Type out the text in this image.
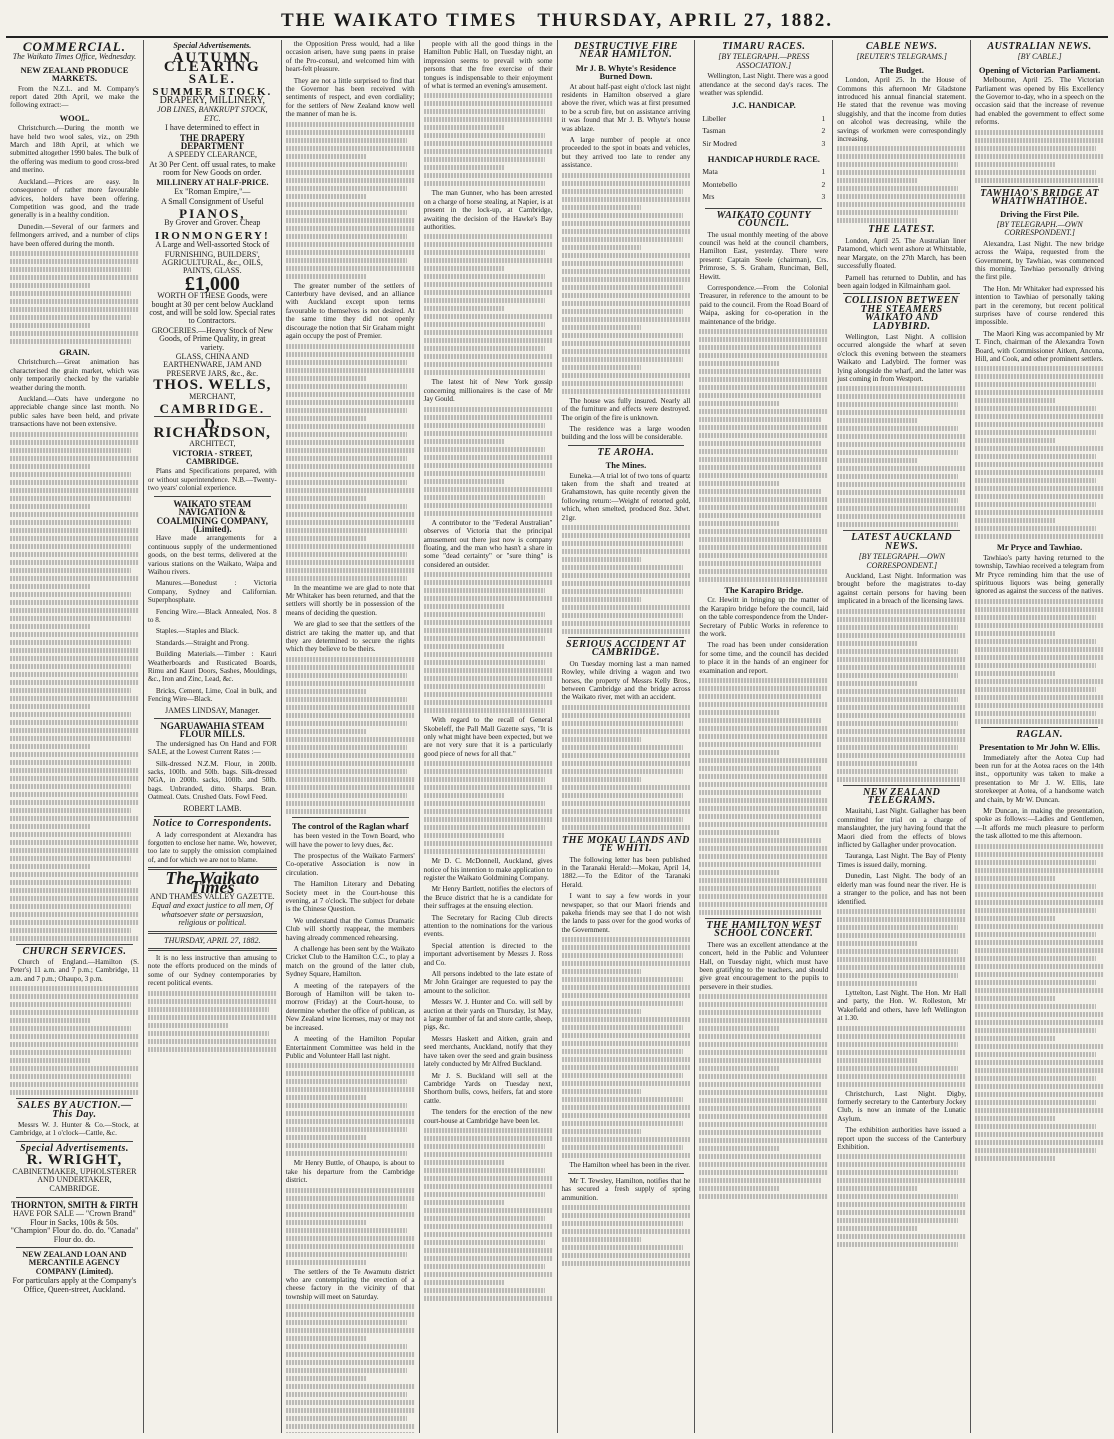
THE WAIKATO TIMES THURSDAY, APRIL 27, 1882.
COMMERCIAL.
The Waikato Times Office, Wednesday.
NEW ZEALAND PRODUCE MARKETS.

From the N.Z.L. and M. Company's report dated 20th April, we make the following extract:—

WOOL.

Christchurch.—During the month we have held two wool sales, viz., on 29th March and 18th April, at which we submitted altogether 1990 bales. The bulk of the offering was medium to good cross-bred and merino.

Auckland.—Prices are easy. In consequence of rather more favourable advices, holders have been offering. Competition was good, and the trade generally is in a healthy condition.

Dunedin.—Several of our farmers and fellmongers arrived, and a number of clips have been offered during the month.

GRAIN.

Christchurch.—Great animation has characterised the grain market, which was only temporarily checked by the variable weather during the month.

Auckland.—Oats have undergone no appreciable change since last month. No public sales have been held, and private transactions have not been extensive.

CHURCH SERVICES.

Church of England.—Hamilton (S. Peter's) 11 a.m. and 7 p.m.; Cambridge, 11 a.m. and 7 p.m.; Ohaupo, 3 p.m.

SALES BY AUCTION.—This Day.

Messrs W. J. Hunter & Co.—Stock, at Cambridge, at 1 o'clock—Cattle, &c.

Special Advertisements.
R. WRIGHT,
CABINETMAKER, UPHOLSTERER AND UNDERTAKER,
CAMBRIDGE.
THORNTON, SMITH & FIRTH
HAVE FOR SALE — "Crown Brand" Flour in Sacks, 100s & 50s. "Champion" Flour do. do. do. "Canada" Flour do. do.
NEW ZEALAND LOAN AND MERCANTILE AGENCY COMPANY (Limited).
For particulars apply at the Company's Office, Queen-street, Auckland.
Special Advertisements.
AUTUMN CLEARING
SALE.
SUMMER STOCK.
DRAPERY, MILLINERY,
JOB LINES, BANKRUPT STOCK, ETC.
I have determined to effect in
THE DRAPERY DEPARTMENT
A SPEEDY CLEARANCE,
At 30 Per Cent. off usual rates, to make room for New Goods on order.
MILLINERY AT HALF-PRICE.
Ex "Roman Empire,"—
A Small Consignment of Useful
PIANOS,
By Grover and Grover. Cheap
IRONMONGERY!
A Large and Well-assorted Stock of
FURNISHING, BUILDERS', AGRICULTURAL, &c., OILS, PAINTS, GLASS.
£1,000
WORTH OF THESE Goods, were bought at 30 per cent below Auckland cost, and will be sold low. Special rates to Contractors.
GROCERIES.—Heavy Stock of New Goods, of Prime Quality, in great variety.
GLASS, CHINA AND EARTHENWARE, JAM AND PRESERVE JARS, &c., &c.
THOS. WELLS,
MERCHANT,
CAMBRIDGE.
D. RICHARDSON,
ARCHITECT,
VICTORIA - STREET, CAMBRIDGE.

Plans and Specifications prepared, with or without superintendence. N.B.—Twenty-two years' colonial experience.

WAIKATO STEAM NAVIGATION & COALMINING COMPANY, (Limited).

Have made arrangements for a continuous supply of the undermentioned goods, on the best terms, delivered at the various stations on the Waikato, Waipa and Waihou rivers.

Manures.—Bonedust : Victoria Company, Sydney and Californian. Superphosphate.

Fencing Wire.—Black Annealed, Nos. 8 to 8.

Staples.—Staples and Black.

Standards.—Straight and Prong.

Building Materials.—Timber : Kauri Weatherboards and Rusticated Boards, Rimu and Kauri Doors, Sashes, Mouldings, &c., Iron and Zinc, Lead, &c.

Bricks, Cement, Lime, Coal in bulk, and Fencing Wire—Black.

JAMES LINDSAY, Manager.
NGARUAWAHIA STEAM FLOUR MILLS.

The undersigned has On Hand and FOR SALE, at the Lowest Current Rates :—

Silk-dressed N.Z.M. Flour, in 200lb. sacks, 100lb. and 50lb. bags. Silk-dressed NGA, in 200lb. sacks, 100lb. and 50lb. bags. Unbranded, ditto. Sharps. Bran. Oatmeal. Oats. Crushed Oats. Fowl Feed.

ROBERT LAMB.
Notice to Correspondents.

A lady correspondent at Alexandra has forgotten to enclose her name. We, however, too late to supply the omission complained of, and for which we are not to blame.

The Waikato Times
AND THAMES VALLEY GAZETTE.
Equal and exact justice to all men, Of whatsoever state or persuasion, religious or political.
THURSDAY, APRIL 27, 1882.

It is no less instructive than amusing to note the efforts produced on the minds of some of our Sydney contemporaries by recent political events.

the Opposition Press would, had a like occasion arisen, have sung paens in praise of the Pro-consul, and welcomed him with heart-felt pleasure.

They are not a little surprised to find that the Governor has been received with sentiments of respect, and even cordiality; for the settlers of New Zealand know well the manner of man he is.

The greater number of the settlers of Canterbury have devised, and an alliance with Auckland except upon terms favourable to themselves is not desired. At the same time they did not openly discourage the notion that Sir Graham might again occupy the post of Premier.

In the meantime we are glad to note that Mr Whitaker has been returned, and that the settlers will shortly be in possession of the means of deciding the question.

We are glad to see that the settlers of the district are taking the matter up, and that they are determined to secure the rights which they believe to be theirs.

The control of the Raglan wharf

has been vested in the Town Board, who will have the power to levy dues, &c.

The prospectus of the Waikato Farmers' Co-operative Association is now in circulation.

The Hamilton Literary and Debating Society meet in the Court-house this evening, at 7 o'clock. The subject for debate is the Chinese Question.

We understand that the Comus Dramatic Club will shortly reappear, the members having already commenced rehearsing.

A challenge has been sent by the Waikato Cricket Club to the Hamilton C.C., to play a match on the ground of the latter club, Sydney Square, Hamilton.

A meeting of the ratepayers of the Borough of Hamilton will be taken to-morrow (Friday) at the Court-house, to determine whether the office of publican, as New Zealand wine licenses, may or may not be increased.

A meeting of the Hamilton Popular Entertainment Committee was held in the Public and Volunteer Hall last night.

Mr Henry Buttle, of Ohaupo, is about to take his departure from the Cambridge district.

The settlers of the Te Awamutu district who are contemplating the erection of a cheese factory in the vicinity of that township will meet on Saturday.

people with all the good things in the Hamilton Public Hall, on Tuesday night, an impression seems to prevail with some persons that the free exercise of their tongues is indispensable to their enjoyment of what is termed an evening's amusement.

The man Gunner, who has been arrested on a charge of horse stealing, at Napier, is at present in the lock-up, at Cambridge, awaiting the decision of the Hawke's Bay authorities.

The latest hit of New York gossip concerning millionaires is the case of Mr Jay Gould.

A contributor to the "Federal Australian" observes of Victoria that the principal amusement out there just now is company floating, and the man who hasn't a share in some "dead certainty" or "sure thing" is considered an outsider.

With regard to the recall of General Skobeleff, the Pall Mall Gazette says, "It is only what might have been expected, but we are not very sure that it is a particularly good piece of news for all that."

Mr D. C. McDonnell, Auckland, gives notice of his intention to make application to register the Waikato Goldmining Company.

Mr Henry Bartlett, notifies the electors of the Bruce district that he is a candidate for their suffrages at the ensuing election.

The Secretary for Racing Club directs attention to the nominations for the various events.

Special attention is directed to the important advertisement by Messrs J. Ross and Co.

All persons indebted to the late estate of Mr John Grainger are requested to pay the amount to the solicitor.

Messrs W. J. Hunter and Co. will sell by auction at their yards on Thursday, 1st May, a large number of fat and store cattle, sheep, pigs, &c.

Messrs Haskett and Aitken, grain and seed merchants, Auckland, notify that they have taken over the seed and grain business lately conducted by Mr Alfred Buckland.

Mr J. S. Buckland will sell at the Cambridge Yards on Tuesday next, Shorthorn bulls, cows, heifers, fat and store cattle.

The tenders for the erection of the new court-house at Cambridge have been let.

DESTRUCTIVE FIRE NEAR HAMILTON.
Mr J. B. Whyte's Residence Burned Down.

At about half-past eight o'clock last night residents in Hamilton observed a glare above the river, which was at first presumed to be a scrub fire, but on assistance arriving it was found that Mr J. B. Whyte's house was ablaze.

A large number of people at once proceeded to the spot in boats and vehicles, but they arrived too late to render any assistance.

The house was fully insured. Nearly all of the furniture and effects were destroyed. The origin of the fire is unknown.

The residence was a large wooden building and the loss will be considerable.

TE AROHA.
The Mines.

Euneka.—A trial lot of two tons of quartz taken from the shaft and treated at Grahamstown, has quite recently given the following return:—Weight of retorted gold, which, when smelted, produced 8oz. 3dwt. 21gr.

SERIOUS ACCIDENT AT CAMBRIDGE.

On Tuesday morning last a man named Rowley, while driving a wagon and two horses, the property of Messrs Kelly Bros., between Cambridge and the bridge across the Waikato river, met with an accident.

THE MOKAU LANDS AND TE WHITI.

The following letter has been published in the Taranaki Herald:—Mokau, April 14, 1882.—To the Editor of the Taranaki Herald.

I want to say a few words in your newspaper, so that our Maori friends and pakeha friends may see that I do not wish the lands to pass over for the good works of the Government.

The Hamilton wheel has been in the river.

Mr T. Tewsley, Hamilton, notifies that he has secured a fresh supply of spring ammunition.

TIMARU RACES.
[BY TELEGRAPH.—PRESS ASSOCIATION.]

Wellington, Last Night. There was a good attendance at the second day's races. The weather was splendid.

J.C. HANDICAP.
Libeller	1
Tasman	2
Sir Modred	3
HANDICAP HURDLE RACE.
Mata	1
Montebello	2
Mrs	3
WAIKATO COUNTY COUNCIL.

The usual monthly meeting of the above council was held at the council chambers, Hamilton East, yesterday. There were present: Captain Steele (chairman), Crs. Primrose, S. S. Graham, Runciman, Bell, Hewitt.

Correspondence.—From the Colonial Treasurer, in reference to the amount to be paid to the council. From the Road Board of Waipa, asking for co-operation in the maintenance of the bridge.

The Karapiro Bridge.

Cr. Hewitt in bringing up the matter of the Karapiro bridge before the council, laid on the table correspondence from the Under-Secretary of Public Works in reference to the work.

The road has been under consideration for some time, and the council has decided to place it in the hands of an engineer for examination and report.

THE HAMILTON WEST SCHOOL CONCERT.

There was an excellent attendance at the concert, held in the Public and Volunteer Hall, on Tuesday night, which must have been gratifying to the teachers, and should give great encouragement to the pupils to persevere in their studies.

CABLE NEWS.
[REUTER'S TELEGRAMS.]
The Budget.

London, April 25. In the House of Commons this afternoon Mr Gladstone introduced his annual financial statement. He stated that the revenue was moving sluggishly, and that the income from duties on alcohol was decreasing, while the savings of workmen were correspondingly increasing.

THE LATEST.

London, April 25. The Australian liner Patamond, which went ashore at Whitstable, near Margate, on the 27th March, has been successfully floated.

Parnell has returned to Dublin, and has been again lodged in Kilmainham gaol.

COLLISION BETWEEN THE STEAMERS WAIKATO AND LADYBIRD.

Wellington, Last Night. A collision occurred alongside the wharf at seven o'clock this evening between the steamers Waikato and Ladybird. The former was lying alongside the wharf, and the latter was just coming in from Westport.

LATEST AUCKLAND NEWS.
[BY TELEGRAPH.—OWN CORRESPONDENT.]

Auckland, Last Night. Information was brought before the magistrates to-day against certain persons for having been implicated in a breach of the licensing laws.

NEW ZEALAND TELEGRAMS.

Mauitahi, Last Night. Gallagher has been committed for trial on a charge of manslaughter, the jury having found that the Maori died from the effects of blows inflicted by Gallagher under provocation.

Tauranga, Last Night. The Bay of Plenty Times is issued daily, morning.

Dunedin, Last Night. The body of an elderly man was found near the river. He is a stranger to the police, and has not been identified.

Lyttelton, Last Night. The Hon. Mr Hall and party, the Hon. W. Rolleston, Mr Wakefield and others, have left Wellington at 1.30.

Christchurch, Last Night. Digby, formerly secretary to the Canterbury Jockey Club, is now an inmate of the Lunatic Asylum.

The exhibition authorities have issued a report upon the success of the Canterbury Exhibition.

AUSTRALIAN NEWS.
[BY CABLE.]
Opening of Victorian Parliament.

Melbourne, April 25. The Victorian Parliament was opened by His Excellency the Governor to-day, who in a speech on the occasion said that the increase of revenue had enabled the government to effect some reforms.

TAWHIAO'S BRIDGE AT WHATIWHATIHOE.
Driving the First Pile.
[BY TELEGRAPH.—OWN CORRESPONDENT.]

Alexandra, Last Night. The new bridge across the Waipa, requested from the Government, by Tawhiao, was commenced this morning, Tawhiao personally driving the first pile.

The Hon. Mr Whitaker had expressed his intention to Tawhiao of personally taking part in the ceremony, but recent political surprises have of course rendered this impossible.

The Maori King was accompanied by Mr T. Finch, chairman of the Alexandra Town Board, with Commissioner Aitken, Ancona, Hill, and Cook, and other prominent settlers.

Mr Pryce and Tawhiao.

Tawhiao's party having returned to the township, Tawhiao received a telegram from Mr Pryce reminding him that the use of spirituous liquors was being generally ignored as against the success of the natives.

RAGLAN.
Presentation to Mr John W. Ellis.

Immediately after the Aotea Cup had been run for at the Aotea races on the 14th inst., opportunity was taken to make a presentation to Mr J. W. Ellis, late storekeeper at Aotea, of a handsome watch and chain, by Mr W. Duncan.

Mr Duncan, in making the presentation, spoke as follows:—Ladies and Gentlemen,—It affords me much pleasure to perform the task allotted to me this afternoon.
